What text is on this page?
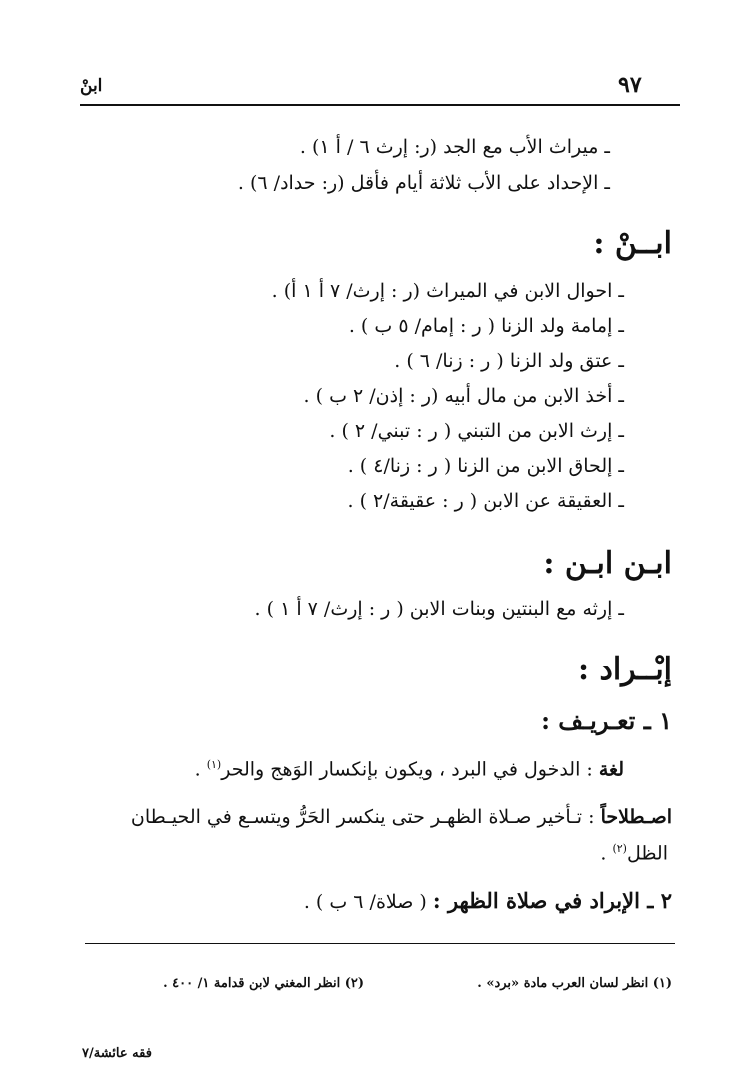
٩٧
ابنْ
ـ ميراث الأب مع الجد (ر: إرث ٦ / أ ١) .
ـ الإحداد على الأب ثلاثة أيام فأقل (ر: حداد/ ٦) .
ابــنْ :
ـ احوال الابن في الميراث (ر : إرث/ ٧ أ ١ أ) .
ـ إمامة ولد الزنا ( ر : إمام/ ٥ ب ) .
ـ عتق ولد الزنا ( ر : زنا/ ٦ ) .
ـ أخذ الابن من مال أبيه (ر : إذن/ ٢ ب ) .
ـ إرث الابن من التبني ( ر : تبني/ ٢ ) .
ـ إلحاق الابن من الزنا ( ر : زنا/٤ ) .
ـ العقيقة عن الابن ( ر : عقيقة/٢ ) .
ابـن ابـن :
ـ إرثه مع البنتين وبنات الابن ( ر : إرث/ ٧ أ ١ ) .
إبْــراد :
١ ـ تعـريـف :
لغة : الدخول في البرد ، ويكون بإنكسار الوَهج والحر$^{(١)}$ .
اصـطلاحاً : تـأخير صـلاة الظهـر حتى ينكسر الحَرُّ ويتسـع في الحيـطان
الظل$^{(٢)}$ .
٢ ـ الإبراد في صلاة الظهر : ( صلاة/ ٦ ب ) .
(١) انظر لسان العرب مادة «برد» .
(٢) انظر المغني لابن قدامة ١/ ٤٠٠ .
فقه عائشة/٧
